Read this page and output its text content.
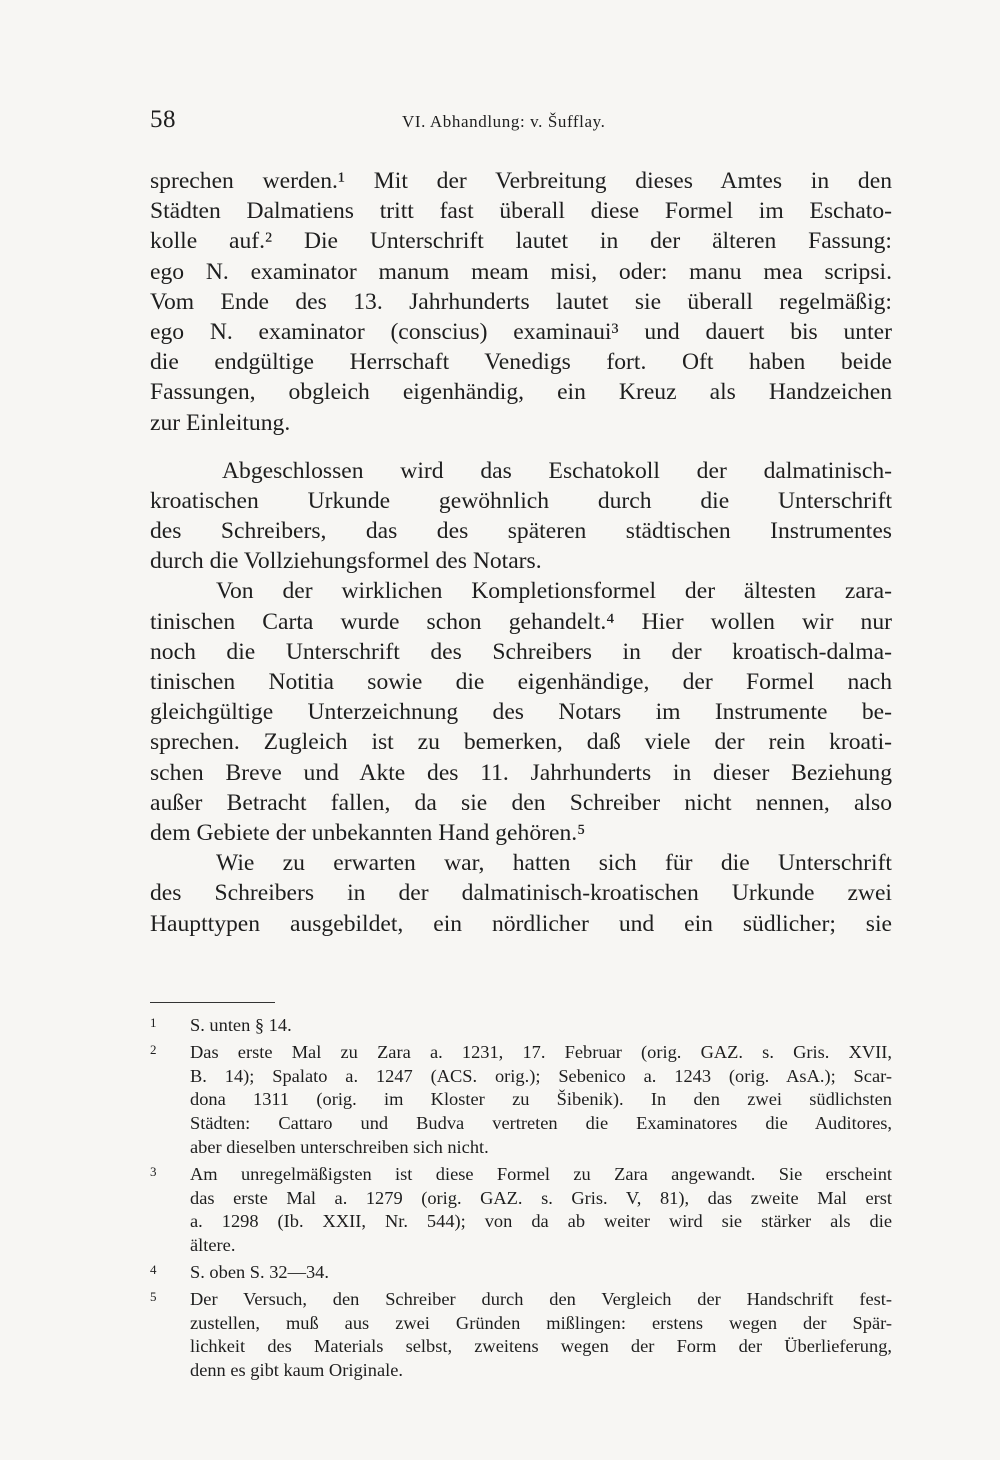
58	VI. Abhandlung: v. Šufflay.
sprechen werden.¹ Mit der Verbreitung dieses Amtes in den
Städten Dalmatiens tritt fast überall diese Formel im Eschato-
kolle auf.² Die Unterschrift lautet in der älteren Fassung:
ego N. examinator manum meam misi, oder: manu mea scripsi.
Vom Ende des 13. Jahrhunderts lautet sie überall regelmäßig:
ego N. examinator (conscius) examinaui³ und dauert bis unter
die endgültige Herrschaft Venedigs fort. Oft haben beide
Fassungen, obgleich eigenhändig, ein Kreuz als Handzeichen
zur Einleitung.
Abgeschlossen wird das Eschatokoll der dalmatinisch-
kroatischen Urkunde gewöhnlich durch die Unterschrift
des Schreibers, das des späteren städtischen Instrumentes
durch die Vollziehungsformel des Notars.
Von der wirklichen Kompletionsformel der ältesten zara-
tinischen Carta wurde schon gehandelt.⁴ Hier wollen wir nur
noch die Unterschrift des Schreibers in der kroatisch-dalma-
tinischen Notitia sowie die eigenhändige, der Formel nach
gleichgültige Unterzeichnung des Notars im Instrumente be-
sprechen. Zugleich ist zu bemerken, daß viele der rein kroati-
schen Breve und Akte des 11. Jahrhunderts in dieser Beziehung
außer Betracht fallen, da sie den Schreiber nicht nennen, also
dem Gebiete der unbekannten Hand gehören.⁵
Wie zu erwarten war, hatten sich für die Unterschrift
des Schreibers in der dalmatinisch-kroatischen Urkunde zwei
Haupttypen ausgebildet, ein nördlicher und ein südlicher; sie
1	S. unten § 14.
2	Das erste Mal zu Zara a. 1231, 17. Februar (orig. GAZ. s. Gris. XVII,
B. 14); Spalato a. 1247 (ACS. orig.); Sebenico a. 1243 (orig. AsA.); Scar-
dona 1311 (orig. im Kloster zu Šibenik). In den zwei südlichsten
Städten: Cattaro und Budva vertreten die Examinatores die Auditores,
aber dieselben unterschreiben sich nicht.
3	Am unregelmäßigsten ist diese Formel zu Zara angewandt. Sie erscheint
das erste Mal a. 1279 (orig. GAZ. s. Gris. V, 81), das zweite Mal erst
a. 1298 (Ib. XXII, Nr. 544); von da ab weiter wird sie stärker als die
ältere.
4	S. oben S. 32—34.
5	Der Versuch, den Schreiber durch den Vergleich der Handschrift fest-
zustellen, muß aus zwei Gründen mißlingen: erstens wegen der Spär-
lichkeit des Materials selbst, zweitens wegen der Form der Überlieferung,
denn es gibt kaum Originale.
